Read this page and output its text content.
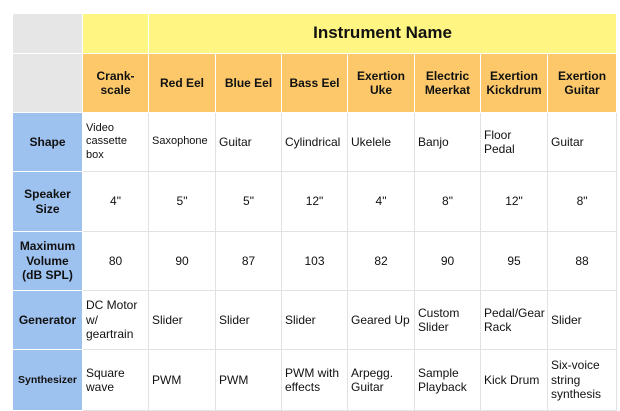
		Instrument Name						
	Crank-scale	Red Eel	Blue Eel	Bass Eel	Exertion Uke	Electric Meerkat	Exertion Kickdrum	Exertion Guitar
Shape	Video cassette box	Saxophone	Guitar	Cylindrical	Ukelele	Banjo	Floor Pedal	Guitar
Speaker Size	4"	5"	5"	12"	4"	8"	12"	8"
Maximum Volume (dB SPL)	80	90	87	103	82	90	95	88
Generator	DC Motor w/ geartrain	Slider	Slider	Slider	Geared Up	Custom Slider	Pedal/Gear Rack	Slider
Synthesizer	Square wave	PWM	PWM	PWM with effects	Arpegg. Guitar	Sample Playback	Kick Drum	Six-voice string synthesis
